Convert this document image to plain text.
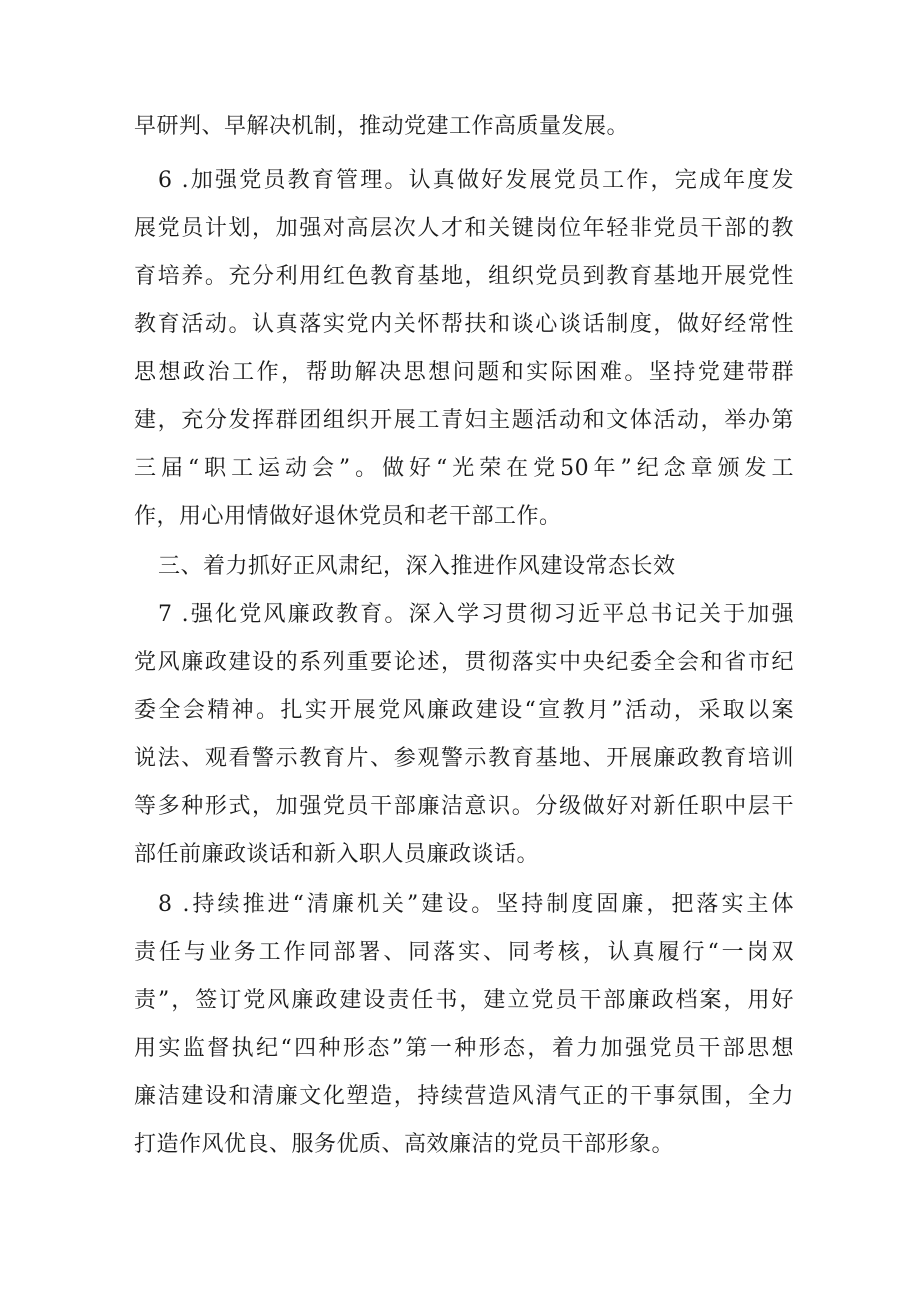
早研判、早解决机制，推动党建工作高质量发展。
6 .加强党员教育管理。认真做好发展党员工作，完成年度发
展党员计划，加强对高层次人才和关键岗位年轻非党员干部的教
育培养。充分利用红色教育基地，组织党员到教育基地开展党性
教育活动。认真落实党内关怀帮扶和谈心谈话制度，做好经常性
思想政治工作，帮助解决思想问题和实际困难。坚持党建带群
建，充分发挥群团组织开展工青妇主题活动和文体活动，举办第
三届“职工运动会”。做好“光荣在党50年”纪念章颁发工
作，用心用情做好退休党员和老干部工作。
三、着力抓好正风肃纪，深入推进作风建设常态长效
7 .强化党风廉政教育。深入学习贯彻习近平总书记关于加强
党风廉政建设的系列重要论述，贯彻落实中央纪委全会和省市纪
委全会精神。扎实开展党风廉政建设“宣教月”活动，采取以案
说法、观看警示教育片、参观警示教育基地、开展廉政教育培训
等多种形式，加强党员干部廉洁意识。分级做好对新任职中层干
部任前廉政谈话和新入职人员廉政谈话。
8 .持续推进“清廉机关”建设。坚持制度固廉，把落实主体
责任与业务工作同部署、同落实、同考核，认真履行“一岗双
责”，签订党风廉政建设责任书，建立党员干部廉政档案，用好
用实监督执纪“四种形态”第一种形态，着力加强党员干部思想
廉洁建设和清廉文化塑造，持续营造风清气正的干事氛围，全力
打造作风优良、服务优质、高效廉洁的党员干部形象。
